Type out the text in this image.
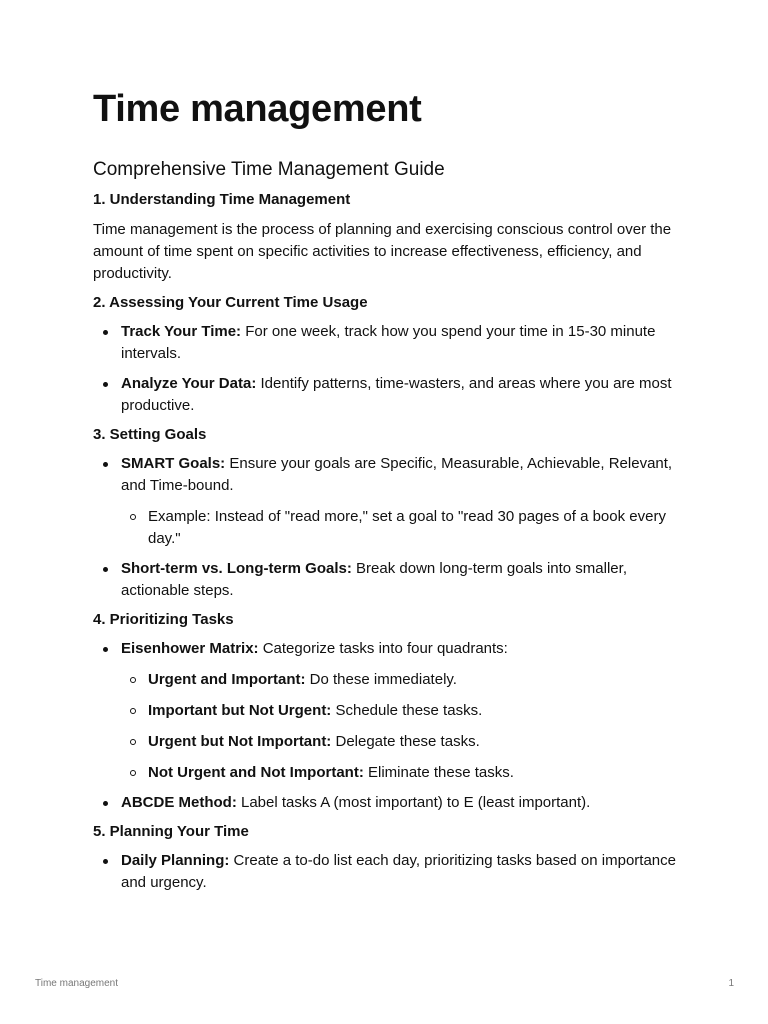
Time management
Comprehensive Time Management Guide
1. Understanding Time Management

Time management is the process of planning and exercising conscious control over the amount of time spent on specific activities to increase effectiveness, efficiency, and productivity.

2. Assessing Your Current Time Usage
Track Your Time: For one week, track how you spend your time in 15-30 minute intervals.
Analyze Your Data: Identify patterns, time-wasters, and areas where you are most productive.
3. Setting Goals
SMART Goals: Ensure your goals are Specific, Measurable, Achievable, Relevant, and Time-bound.
Example: Instead of "read more," set a goal to "read 30 pages of a book every day."
Short-term vs. Long-term Goals: Break down long-term goals into smaller, actionable steps.
4. Prioritizing Tasks
Eisenhower Matrix: Categorize tasks into four quadrants:
Urgent and Important: Do these immediately.
Important but Not Urgent: Schedule these tasks.
Urgent but Not Important: Delegate these tasks.
Not Urgent and Not Important: Eliminate these tasks.
ABCDE Method: Label tasks A (most important) to E (least important).
5. Planning Your Time
Daily Planning: Create a to-do list each day, prioritizing tasks based on importance and urgency.
Time management	1
